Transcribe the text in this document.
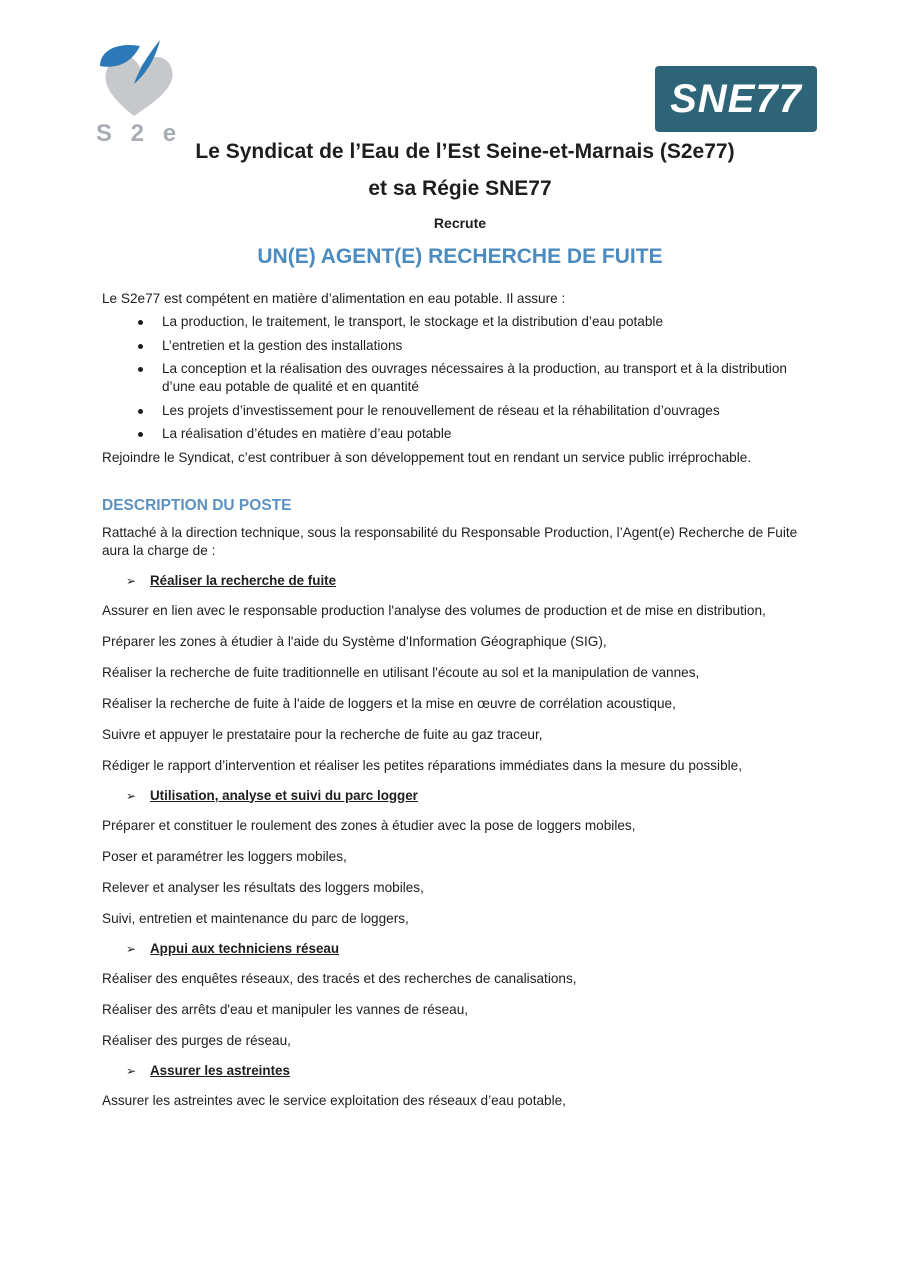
S 2 e
SNE77
Le Syndicat de l’Eau de l’Est Seine-et-Marnais (S2e77)
et sa Régie SNE77
Recrute
UN(E) AGENT(E) RECHERCHE DE FUITE

Le S2e77 est compétent en matière d’alimentation en eau potable. Il assure :

La production, le traitement, le transport, le stockage et la distribution d’eau potable
L’entretien et la gestion des installations
La conception et la réalisation des ouvrages nécessaires à la production, au transport et à la distribution d’une eau potable de qualité et en quantité
Les projets d’investissement pour le renouvellement de réseau et la réhabilitation d’ouvrages
La réalisation d’études en matière d’eau potable

Rejoindre le Syndicat, c’est contribuer à son développement tout en rendant un service public irréprochable.

DESCRIPTION DU POSTE

Rattaché à la direction technique, sous la responsabilité du Responsable Production, l’Agent(e) Recherche de Fuite aura la charge de :

➢	Réaliser la recherche de fuite

Assurer en lien avec le responsable production l'analyse des volumes de production et de mise en distribution,

Préparer les zones à étudier à l'aide du Système d'Information Géographique (SIG),

Réaliser la recherche de fuite traditionnelle en utilisant l'écoute au sol et la manipulation de vannes,

Réaliser la recherche de fuite à l'aide de loggers et la mise en œuvre de corrélation acoustique,

Suivre et appuyer le prestataire pour la recherche de fuite au gaz traceur,

Rédiger le rapport d’intervention et réaliser les petites réparations immédiates dans la mesure du possible,

➢	Utilisation, analyse et suivi du parc logger

Préparer et constituer le roulement des zones à étudier avec la pose de loggers mobiles,

Poser et paramétrer les loggers mobiles,

Relever et analyser les résultats des loggers mobiles,

Suivi, entretien et maintenance du parc de loggers,

➢	Appui aux techniciens réseau

Réaliser des enquêtes réseaux, des tracés et des recherches de canalisations,

Réaliser des arrêts d'eau et manipuler les vannes de réseau,

Réaliser des purges de réseau,

➢	Assurer les astreintes

Assurer les astreintes avec le service exploitation des réseaux d’eau potable,
